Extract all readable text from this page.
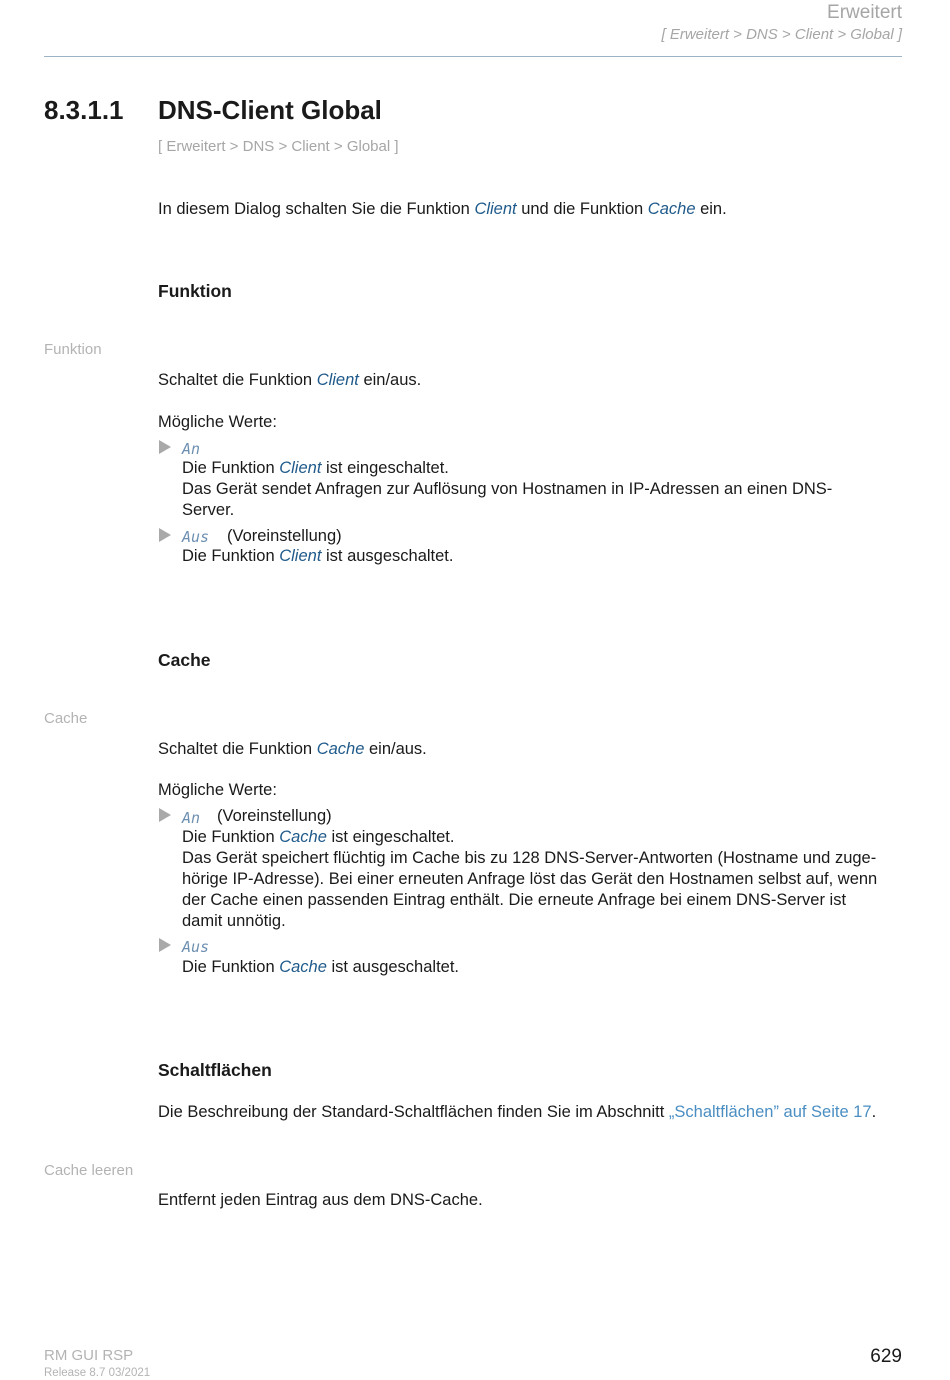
Erweitert
[ Erweitert > DNS > Client > Global ]
8.3.1.1 DNS-Client Global
[ Erweitert > DNS > Client > Global ]
In diesem Dialog schalten Sie die Funktion Client und die Funktion Cache ein.
Funktion
Funktion
Schaltet die Funktion Client ein/aus.
Mögliche Werte:
An
Die Funktion Client ist eingeschaltet.
Das Gerät sendet Anfragen zur Auflösung von Hostnamen in IP-Adressen an einen DNS-
Server.
Aus (Voreinstellung)
Die Funktion Client ist ausgeschaltet.
Cache
Cache
Schaltet die Funktion Cache ein/aus.
Mögliche Werte:
An (Voreinstellung)
Die Funktion Cache ist eingeschaltet.
Das Gerät speichert flüchtig im Cache bis zu 128 DNS-Server-Antworten (Hostname und zuge-
hörige IP-Adresse). Bei einer erneuten Anfrage löst das Gerät den Hostnamen selbst auf, wenn
der Cache einen passenden Eintrag enthält. Die erneute Anfrage bei einem DNS-Server ist
damit unnötig.
Aus
Die Funktion Cache ist ausgeschaltet.
Schaltflächen
Die Beschreibung der Standard-Schaltflächen finden Sie im Abschnitt „Schaltflächen” auf Seite 17.
Cache leeren
Entfernt jeden Eintrag aus dem DNS-Cache.
RM GUI RSP
Release 8.7 03/2021
629
